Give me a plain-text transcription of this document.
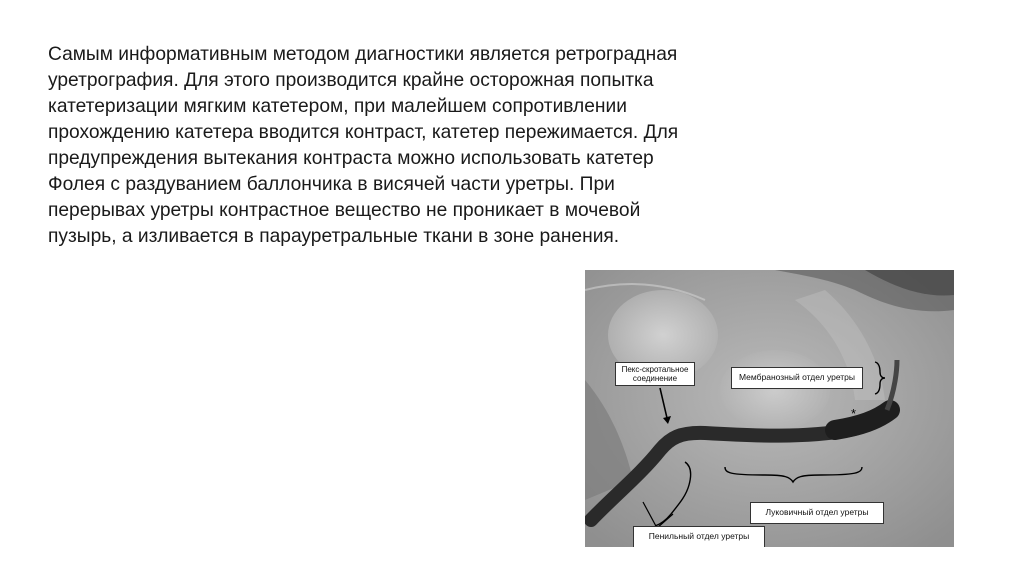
Самым информативным методом диагностики является ретроградная
уретрография. Для этого производится крайне осторожная попытка
катетеризации мягким катетером, при малейшем сопротивлении
прохождению катетера вводится контраст, катетер пережимается. Для
предупреждения вытекания контраста можно использовать катетер
Фолея с раздуванием баллончика в висячей части уретры. При
перерывах уретры контрастное вещество не проникает в мочевой
пузырь, а изливается в парауретральные ткани в зоне ранения.
*
Пекс-скротальное соединение	Мембранозный отдел уретры
Луковичный отдел уретры
Пенильный отдел уретры
